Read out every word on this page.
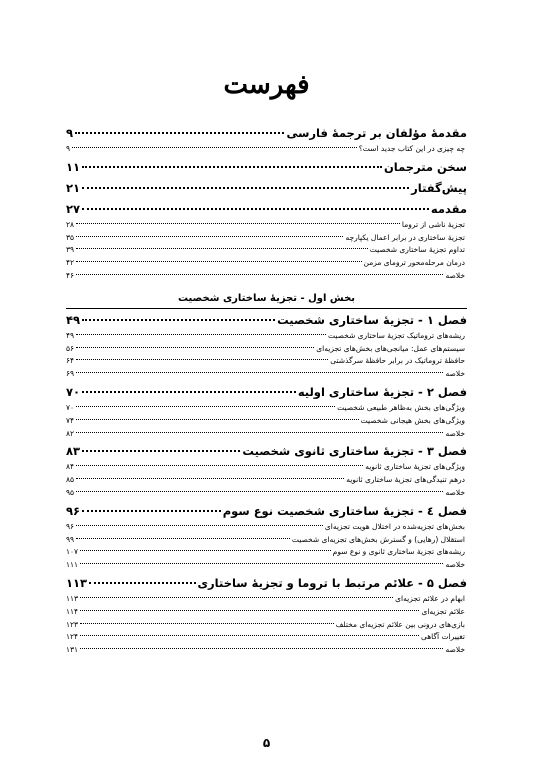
فهرست
مقدمهٔ مؤلفان بر ترجمهٔ فارسی
۹
چه چیزی در این کتاب جدید است؟
۹
سخن مترجمان
۱۱
پیش‌گفتار
۲۱
مقدمه
۲۷
تجزیهٔ ناشی از تروما
۲۸
تجزیهٔ ساختاری در برابر اعمال یکپارچه
۳۵
تداوم تجزیهٔ ساختاری شخصیت
۳۹
درمان مرحله‌محور ترومای مزمن
۴۲
خلاصه
۴۶
بخش اول - تجزیهٔ ساختاری شخصیت
فصل ۱ - تجزیهٔ ساختاری شخصیت
۴۹
ریشه‌های تروماتیک تجزیهٔ ساختاری شخصیت
۴۹
سیستم‌های عمل: میانجی‌های بخش‌های تجزیه‌ای
۵۶
حافظهٔ تروماتیک در برابر حافظهٔ سرگذشتی
۶۴
خلاصه
۶۹
فصل ۲ - تجزیهٔ ساختاری اولیه
۷۰
ویژگی‌های بخش به‌ظاهر طبیعی شخصیت
۷۰
ویژگی‌های بخش هیجانی شخصیت
۷۴
خلاصه
۸۲
فصل ۳ - تجزیهٔ ساختاری ثانوی شخصیت
۸۳
ویژگی‌های تجزیهٔ ساختاری ثانویه
۸۴
درهم تنیدگی‌های تجزیهٔ ساختاری ثانویه
۸۵
خلاصه
۹۵
فصل ٤ - تجزیهٔ ساختاری شخصیت نوع سوم
۹۶
بخش‌های تجزیه‌شده در اختلال هویت تجزیه‌ای
۹۶
استقلال (رهایی) و گسترش بخش‌های تجزیه‌ای شخصیت
۹۹
ریشه‌های تجزیهٔ ساختاری ثانوی و نوع سوم
۱۰۷
خلاصه
۱۱۱
فصل ۵ - علائم مرتبط با تروما و تجزیهٔ ساختاری
۱۱۳
ابهام در علائم تجزیه‌ای
۱۱۳
علائم تجزیه‌ای
۱۱۴
بازی‌های درونی بین علائم تجزیه‌ای مختلف
۱۲۳
تغییرات آگاهی
۱۲۴
خلاصه
۱۳۱
۵
